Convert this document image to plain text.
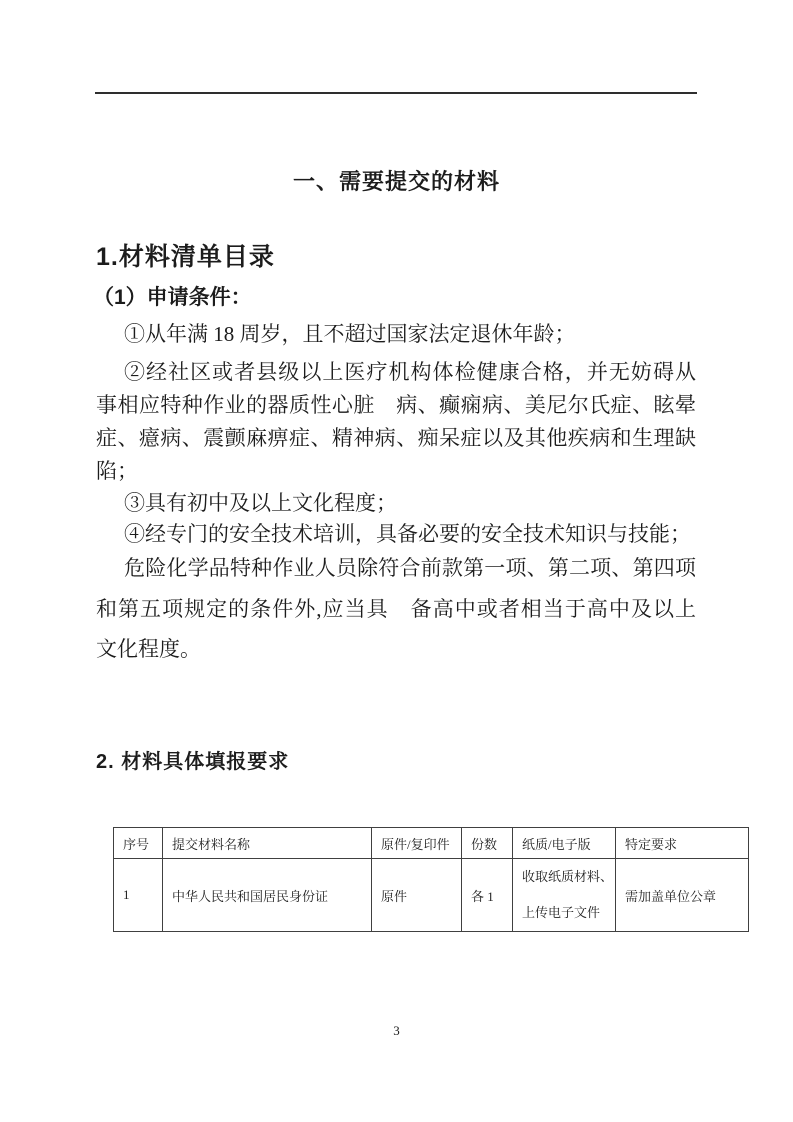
一、需要提交的材料
1.材料清单目录
（1）申请条件：
①从年满 18 周岁，且不超过国家法定退休年龄；
②经社区或者县级以上医疗机构体检健康合格，并无妨碍从
事相应特种作业的器质性心脏　病、癫痫病、美尼尔氏症、眩晕
症、癔病、震颤麻痹症、精神病、痴呆症以及其他疾病和生理缺
陷；
③具有初中及以上文化程度；
④经专门的安全技术培训，具备必要的安全技术知识与技能；
危险化学品特种作业人员除符合前款第一项、第二项、第四项
和第五项规定的条件外,应当具　备高中或者相当于高中及以上
文化程度。
2. 材料具体填报要求
序号	提交材料名称	原件/复印件	份数	纸质/电子版	特定要求
1	中华人民共和国居民身份证	原件	各 1	收取纸质材料、
上传电子文件	需加盖单位公章
3
